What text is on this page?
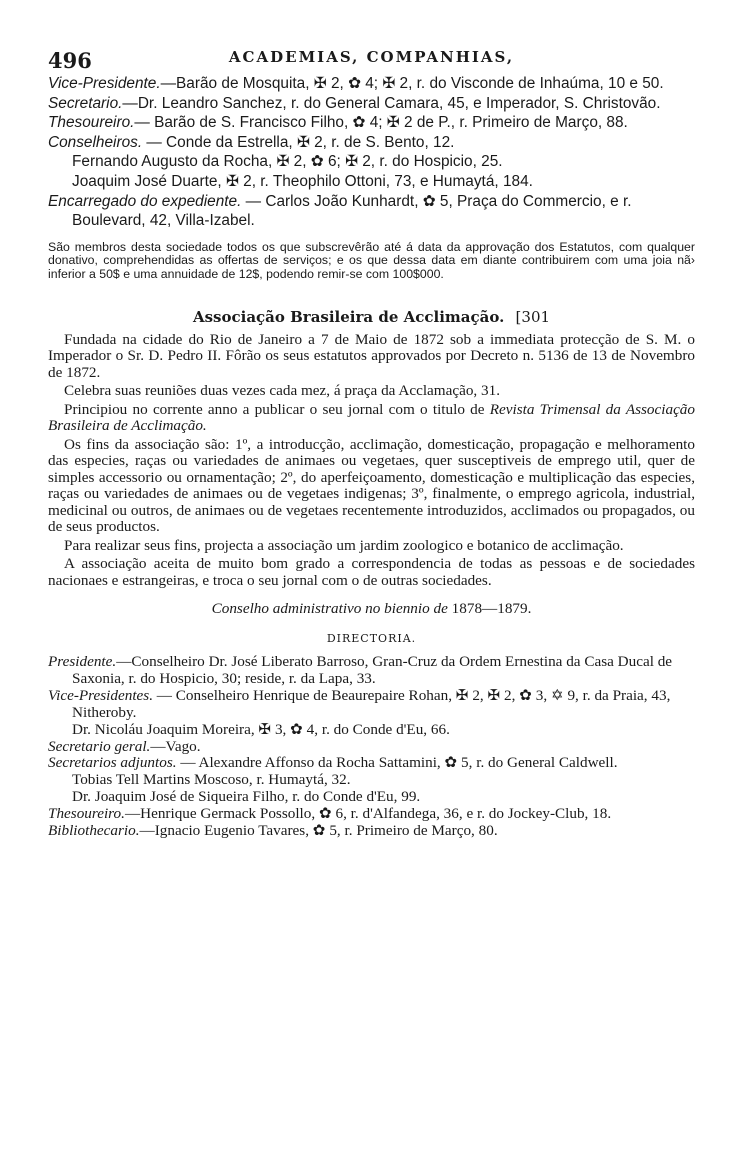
496	ACADEMIAS, COMPANHIAS,

Vice-Presidente.—Barão de Mosquita, ✠ 2, ✿ 4; ✠ 2, r. do Visconde de Inhaúma, 10 e 50.

Secretario.—Dr. Leandro Sanchez, r. do General Camara, 45, e Imperador, S. Christovão.

Thesoureiro.— Barão de S. Francisco Filho, ✿ 4; ✠ 2 de P., r. Primeiro de Março, 88.

Conselheiros. — Conde da Estrella, ✠ 2, r. de S. Bento, 12.

Fernando Augusto da Rocha, ✠ 2, ✿ 6; ✠ 2, r. do Hospicio, 25.

Joaquim José Duarte, ✠ 2, r. Theophilo Ottoni, 73, e Humaytá, 184.

Encarregado do expediente. — Carlos João Kunhardt, ✿ 5, Praça do Commercio, e r. Boulevard, 42, Villa-Izabel.

São membros desta sociedade todos os que subscrevêrão até á data da approvação dos Estatutos, com qualquer donativo, comprehendidas as offertas de serviços; e os que dessa data em diante contribuirem com uma joia nã› inferior a 50$ e uma annuidade de 12$, podendo remir-se com 100$000.

Associação Brasileira de Acclimação. [301

Fundada na cidade do Rio de Janeiro a 7 de Maio de 1872 sob a immediata protecção de S. M. o Imperador o Sr. D. Pedro II. Fôrão os seus estatutos approvados por Decreto n. 5136 de 13 de Novembro de 1872.

Celebra suas reuniões duas vezes cada mez, á praça da Acclamação, 31.

Principiou no corrente anno a publicar o seu jornal com o titulo de Revista Trimensal da Associação Brasileira de Acclimação.

Os fins da associação são: 1º, a introducção, acclimação, domesticação, propagação e melhoramento das especies, raças ou variedades de animaes ou vegetaes, quer susceptiveis de emprego util, quer de simples accessorio ou ornamentação; 2º, do aperfeiçoamento, domesticação e multiplicação das especies, raças ou variedades de animaes ou de vegetaes indigenas; 3º, finalmente, o emprego agricola, industrial, medicinal ou outros, de animaes ou de vegetaes recentemente introduzidos, acclimados ou propagados, ou de seus productos.

Para realizar seus fins, projecta a associação um jardim zoologico e botanico de acclimação.

A associação aceita de muito bom grado a correspondencia de todas as pessoas e de sociedades nacionaes e estrangeiras, e troca o seu jornal com o de outras sociedades.

Conselho administrativo no biennio de 1878—1879.
DIRECTORIA.

Presidente.—Conselheiro Dr. José Liberato Barroso, Gran-Cruz da Ordem Ernestina da Casa Ducal de Saxonia, r. do Hospicio, 30; reside, r. da Lapa, 33.

Vice-Presidentes. — Conselheiro Henrique de Beaurepaire Rohan, ✠ 2, ✠ 2, ✿ 3, ✡ 9, r. da Praia, 43, Nitheroby.

Dr. Nicoláu Joaquim Moreira, ✠ 3, ✿ 4, r. do Conde d'Eu, 66.

Secretario geral.—Vago.

Secretarios adjuntos. — Alexandre Affonso da Rocha Sattamini, ✿ 5, r. do General Caldwell.

Tobias Tell Martins Moscoso, r. Humaytá, 32.

Dr. Joaquim José de Siqueira Filho, r. do Conde d'Eu, 99.

Thesoureiro.—Henrique Germack Possollo, ✿ 6, r. d'Alfandega, 36, e r. do Jockey-Club, 18.

Bibliothecario.—Ignacio Eugenio Tavares, ✿ 5, r. Primeiro de Março, 80.
